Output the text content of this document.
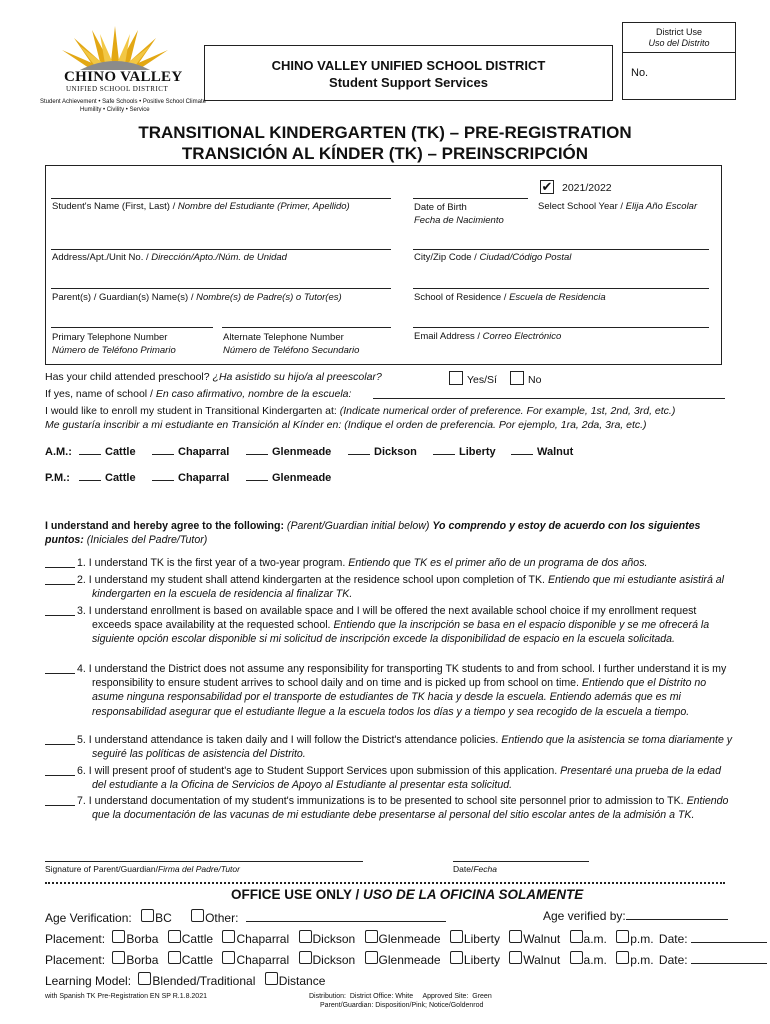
District Use
Uso del Distrito
No.
CHINO VALLEY
UNIFIED SCHOOL DISTRICT
Student Achievement • Safe Schools • Positive School Climate
Humility • Civility • Service
CHINO VALLEY UNIFIED SCHOOL DISTRICT
Student Support Services
TRANSITIONAL KINDERGARTEN (TK) – PRE-REGISTRATION
TRANSICIÓN AL KÍNDER (TK) – PREINSCRIPCIÓN
Student's Name (First, Last) / Nombre del Estudiante (Primer, Apellido)	Date of Birth
Fecha de Nacimiento
✔ 2021/2022
Select School Year / Elija Año Escolar
Address/Apt./Unit No. / Dirección/Apto./Núm. de Unidad	City/Zip Code / Ciudad/Código Postal
Parent(s) / Guardian(s) Name(s) / Nombre(s) de Padre(s) o Tutor(es)	School of Residence / Escuela de Residencia
Primary Telephone Number
Número de Teléfono Primario
Alternate Telephone Number
Número de Teléfono Secundario
Email Address / Correo Electrónico
Has your child attended preschool? ¿Ha asistido su hijo/a al preescolar?	Yes/Sí	No
If yes, name of school / En caso afirmativo, nombre de la escuela:
I would like to enroll my student in Transitional Kindergarten at: (Indicate numerical order of preference. For example, 1st, 2nd, 3rd, etc.)
Me gustaría inscribir a mi estudiante en Transición al Kínder en: (Indique el orden de preferencia. Por ejemplo, 1ra, 2da, 3ra, etc.)
A.M.:	Cattle	Chaparral	Glenmeade	Dickson	Liberty	Walnut
P.M.:	Cattle	Chaparral	Glenmeade
I understand and hereby agree to the following: (Parent/Guardian initial below) Yo comprendo y estoy de acuerdo con los siguientes puntos: (Iniciales del Padre/Tutor)
1. I understand TK is the first year of a two-year program. Entiendo que TK es el primer año de un programa de dos años.
2. I understand my student shall attend kindergarten at the residence school upon completion of TK. Entiendo que mi estudiante asistirá al kindergarten en la escuela de residencia al finalizar TK.
3. I understand enrollment is based on available space and I will be offered the next available school choice if my enrollment request exceeds space availability at the requested school. Entiendo que la inscripción se basa en el espacio disponible y se me ofrecerá la siguiente opción escolar disponible si mi solicitud de inscripción excede la disponibilidad de espacio en la escuela solicitada.
4. I understand the District does not assume any responsibility for transporting TK students to and from school. I further understand it is my responsibility to ensure student arrives to school daily and on time and is picked up from school on time. Entiendo que el Distrito no asume ninguna responsabilidad por el transporte de estudiantes de TK hacia y desde la escuela. Entiendo además que es mi responsabilidad asegurar que el estudiante llegue a la escuela todos los días y a tiempo y sea recogido de la escuela a tiempo.
5. I understand attendance is taken daily and I will follow the District's attendance policies. Entiendo que la asistencia se toma diariamente y seguiré las políticas de asistencia del Distrito.
6. I will present proof of student's age to Student Support Services upon submission of this application. Presentaré una prueba de la edad del estudiante a la Oficina de Servicios de Apoyo al Estudiante al presentar esta solicitud.
7. I understand documentation of my student's immunizations is to be presented to school site personnel prior to admission to TK. Entiendo que la documentación de las vacunas de mi estudiante debe presentarse al personal del sitio escolar antes de la admisión a TK.
Signature of Parent/Guardian/Firma del Padre/Tutor	Date/Fecha
OFFICE USE ONLY / USO DE LA OFICINA SOLAMENTE
Age Verification: BC	Other:	Age verified by:
Placement: Borba Cattle Chaparral Dickson Glenmeade Liberty Walnut a.m. p.m. Date:
Placement: Borba Cattle Chaparral Dickson Glenmeade Liberty Walnut a.m. p.m. Date:
Learning Model: Blended/Traditional Distance
with Spanish TK Pre-Registration EN SP R.1.8.2021	Distribution:  District Office: White     Approved Site:  Green
Parent/Guardian: Disposition/Pink; Notice/Goldenrod
